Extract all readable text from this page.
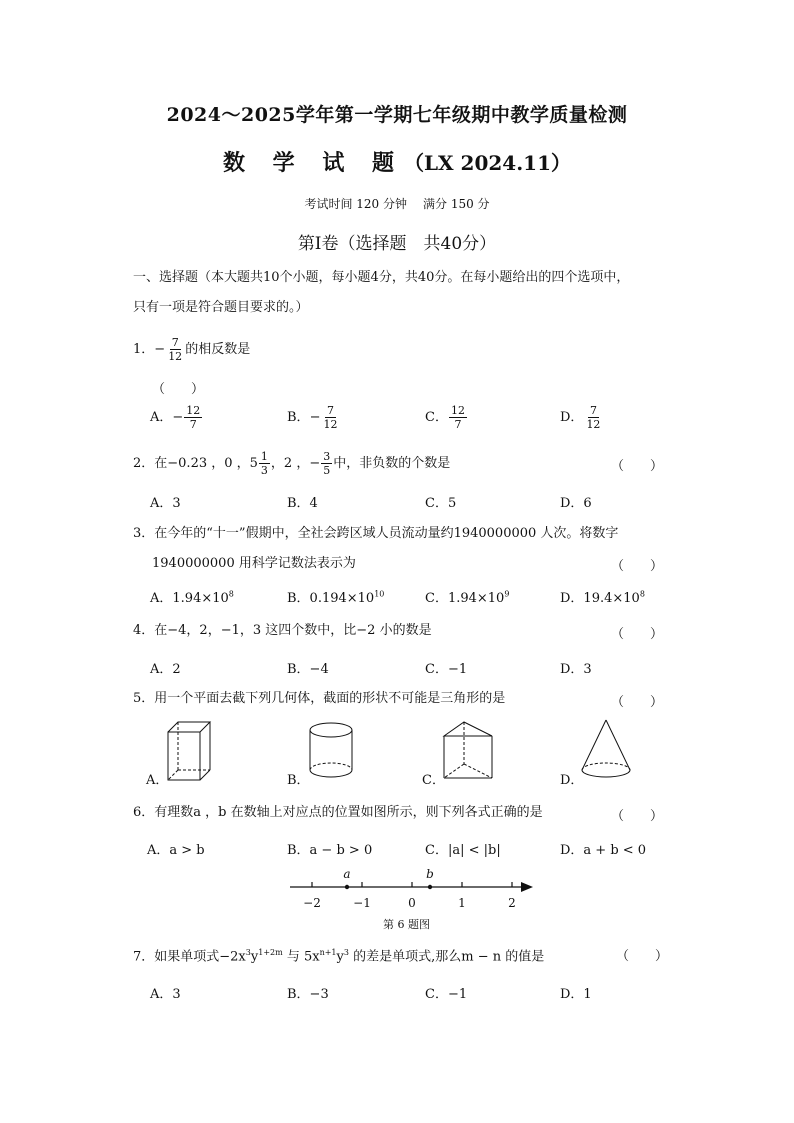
2024～2025学年第一学期七年级期中教学质量检测
数 学 试 题（LX 2024.11）
考试时间 120 分钟 满分 150 分
第Ⅰ卷（选择题　共40分）
一、选择题（本大题共10个小题，每小题4分，共40分。在每小题给出的四个选项中，
只有一项是符合题目要求的。）
1．− $\frac{7}{12}$ 的相反数是
（　　）
A．− $\frac{12}{7}$	B．− $\frac{7}{12}$	C． $\frac{12}{7}$	D． $\frac{7}{12}$
2．在−0.23 ，0 ，$5 \frac{1}{3}$ ，2 ，− $\frac{3}{5}$ 中，非负数的个数是	（　　）
A．3	B．4	C．5	D．6
3．在今年的“十一”假期中，全社会跨区域人员流动量约1940000000 人次。将数字
1940000000 用科学记数法表示为	（　　）
A．$1.94\times 10^8$	B．$0.194\times 10^{10}$	C．$1.94\times 10^9$	D．$19.4\times 10^8$
4．在−4，2，−1，3 这四个数中，比−2 小的数是	（　　）
A．2	B．−4	C．−1	D．3
5．用一个平面去截下列几何体，截面的形状不可能是三角形的是	（　　）
A．	B．	C．	D．
6．有理数a ，b 在数轴上对应点的位置如图所示，则下列各式正确的是	（　　）
A．a > b	B．a − b > 0	C．|a| < |b|	D．a + b < 0
−2	−1	0	1	2
a	b
第 6 题图
7．如果单项式$-2x^3y^{1+2m}$ 与 $5x^{n+1}y^3$ 的差是单项式,那么m − n 的值是	（　　）
A．3	B．−3	C．−1	D．1
